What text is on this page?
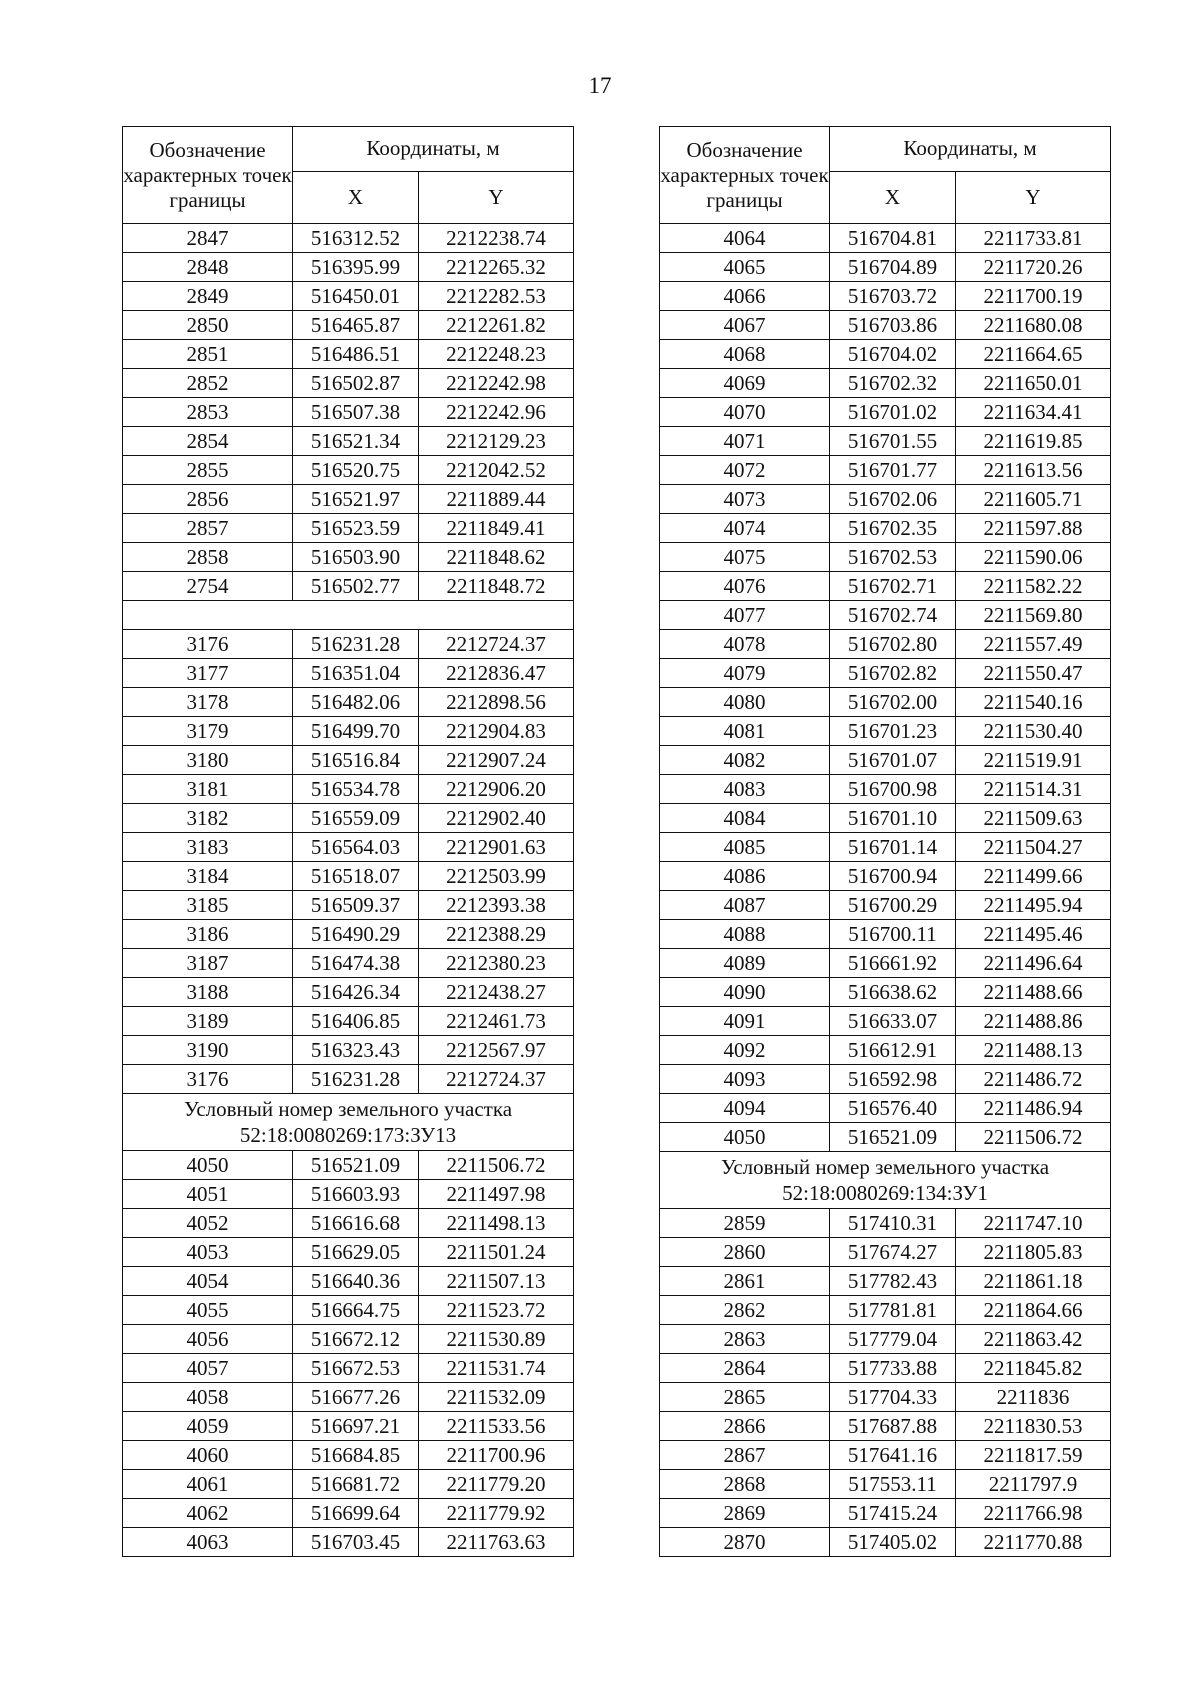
17
Обозначение характерных точек границы	Координаты, м	
	X	Y
2847	516312.52	2212238.74
2848	516395.99	2212265.32
2849	516450.01	2212282.53
2850	516465.87	2212261.82
2851	516486.51	2212248.23
2852	516502.87	2212242.98
2853	516507.38	2212242.96
2854	516521.34	2212129.23
2855	516520.75	2212042.52
2856	516521.97	2211889.44
2857	516523.59	2211849.41
2858	516503.90	2211848.62
2754	516502.77	2211848.72

3176	516231.28	2212724.37
3177	516351.04	2212836.47
3178	516482.06	2212898.56
3179	516499.70	2212904.83
3180	516516.84	2212907.24
3181	516534.78	2212906.20
3182	516559.09	2212902.40
3183	516564.03	2212901.63
3184	516518.07	2212503.99
3185	516509.37	2212393.38
3186	516490.29	2212388.29
3187	516474.38	2212380.23
3188	516426.34	2212438.27
3189	516406.85	2212461.73
3190	516323.43	2212567.97
3176	516231.28	2212724.37

Условный номер земельного участка
52:18:0080269:173:ЗУ13		

4050	516521.09	2211506.72
4051	516603.93	2211497.98
4052	516616.68	2211498.13
4053	516629.05	2211501.24
4054	516640.36	2211507.13
4055	516664.75	2211523.72
4056	516672.12	2211530.89
4057	516672.53	2211531.74
4058	516677.26	2211532.09
4059	516697.21	2211533.56
4060	516684.85	2211700.96
4061	516681.72	2211779.20
4062	516699.64	2211779.92
4063	516703.45	2211763.63
Обозначение характерных точек границы	Координаты, м	
	X	Y
4064	516704.81	2211733.81
4065	516704.89	2211720.26
4066	516703.72	2211700.19
4067	516703.86	2211680.08
4068	516704.02	2211664.65
4069	516702.32	2211650.01
4070	516701.02	2211634.41
4071	516701.55	2211619.85
4072	516701.77	2211613.56
4073	516702.06	2211605.71
4074	516702.35	2211597.88
4075	516702.53	2211590.06
4076	516702.71	2211582.22
4077	516702.74	2211569.80
4078	516702.80	2211557.49
4079	516702.82	2211550.47
4080	516702.00	2211540.16
4081	516701.23	2211530.40
4082	516701.07	2211519.91
4083	516700.98	2211514.31
4084	516701.10	2211509.63
4085	516701.14	2211504.27
4086	516700.94	2211499.66
4087	516700.29	2211495.94
4088	516700.11	2211495.46
4089	516661.92	2211496.64
4090	516638.62	2211488.66
4091	516633.07	2211488.86
4092	516612.91	2211488.13
4093	516592.98	2211486.72
4094	516576.40	2211486.94
4050	516521.09	2211506.72

Условный номер земельного участка
52:18:0080269:134:ЗУ1		

2859	517410.31	2211747.10
2860	517674.27	2211805.83
2861	517782.43	2211861.18
2862	517781.81	2211864.66
2863	517779.04	2211863.42
2864	517733.88	2211845.82
2865	517704.33	2211836
2866	517687.88	2211830.53
2867	517641.16	2211817.59
2868	517553.11	2211797.9
2869	517415.24	2211766.98
2870	517405.02	2211770.88
